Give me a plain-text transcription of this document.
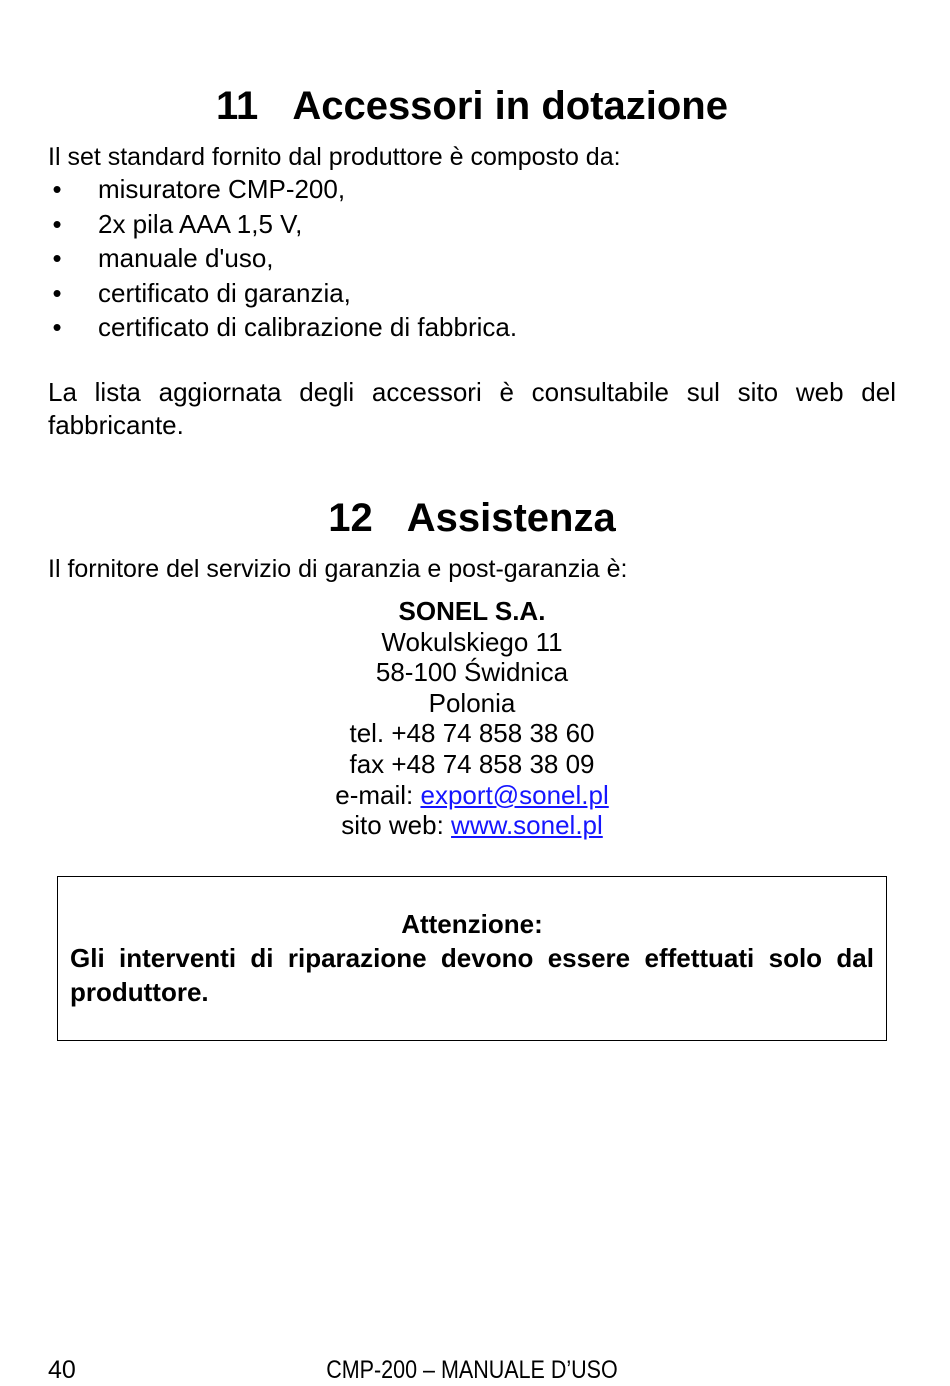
11 Accessori in dotazione

Il set standard fornito dal produttore è composto da:

• misuratore CMP-200,
• 2x pila AAA 1,5 V,
• manuale d'uso,
• certificato di garanzia,
• certificato di calibrazione di fabbrica.

La lista aggiornata degli accessori è consultabile sul sito web del fabbricante.

12 Assistenza

Il fornitore del servizio di garanzia e post-garanzia è:

SONEL S.A.
Wokulskiego 11
58-100 Świdnica
Polonia
tel. +48 74 858 38 60
fax +48 74 858 38 09
e-mail: export@sonel.pl
sito web: www.sonel.pl
Attenzione:
Gli interventi di riparazione devono essere effettuati solo dal produttore.
40	CMP-200 – MANUALE D’USO
